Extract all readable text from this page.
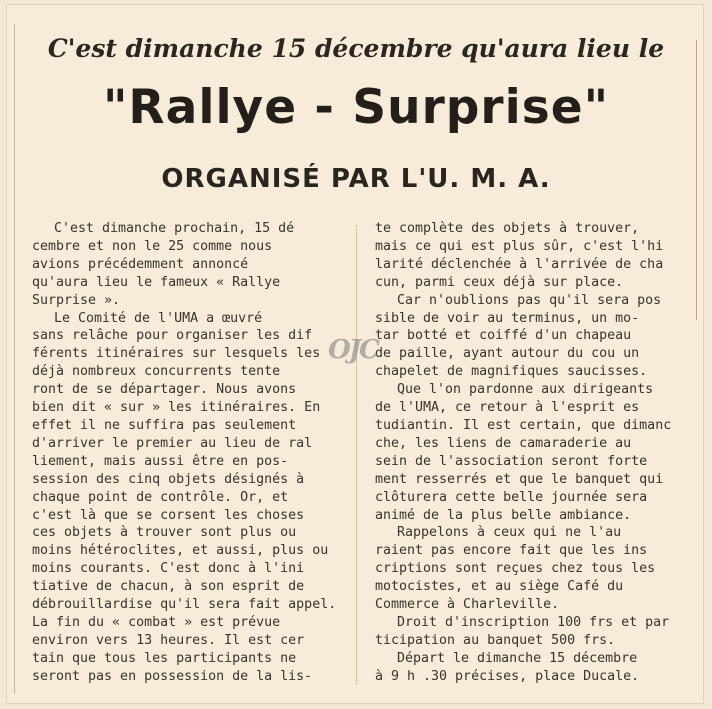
C'est dimanche 15 décembre qu'aura lieu le
"Rallye - Surprise"
ORGANISÉ PAR L'U. M. A.
C'est dimanche prochain, 15 dé
cembre et non le 25 comme nous
avions précédemment annoncé
qu'aura lieu le fameux « Rallye
Surprise ».
Le Comité de l'UMA a œuvré
sans relâche pour organiser les dif
férents itinéraires sur lesquels les
déjà nombreux concurrents tente
ront de se départager. Nous avons
bien dit « sur » les itinéraires. En
effet il ne suffira pas seulement
d'arriver le premier au lieu de ral
liement, mais aussi être en pos-
session des cinq objets désignés à
chaque point de contrôle. Or, et
c'est là que se corsent les choses
ces objets à trouver sont plus ou
moins hétéroclites, et aussi, plus ou
moins courants. C'est donc à l'ini
tiative de chacun, à son esprit de
débrouillardise qu'il sera fait appel.
La fin du « combat » est prévue
environ vers 13 heures. Il est cer
tain que tous les participants ne
seront pas en possession de la lis-
te complète des objets à trouver,
mais ce qui est plus sûr, c'est l'hi
larité déclenchée à l'arrivée de cha
cun, parmi ceux déjà sur place.
Car n'oublions pas qu'il sera pos
sible de voir au terminus, un mo-
tar botté et coiffé d'un chapeau
de paille, ayant autour du cou un
chapelet de magnifiques saucisses.
Que l'on pardonne aux dirigeants
de l'UMA, ce retour à l'esprit es
tudiantin. Il est certain, que dimanc
che, les liens de camaraderie au
sein de l'association seront forte
ment resserrés et que le banquet qui
clôturera cette belle journée sera
animé de la plus belle ambiance.
Rappelons à ceux qui ne l'au
raient pas encore fait que les ins
criptions sont reçues chez tous les
motocistes, et au siège Café du
Commerce à Charleville.
Droit d'inscription 100 frs et par
ticipation au banquet 500 frs.
Départ le dimanche 15 décembre
à 9 h .30 précises, place Ducale.
OJC
